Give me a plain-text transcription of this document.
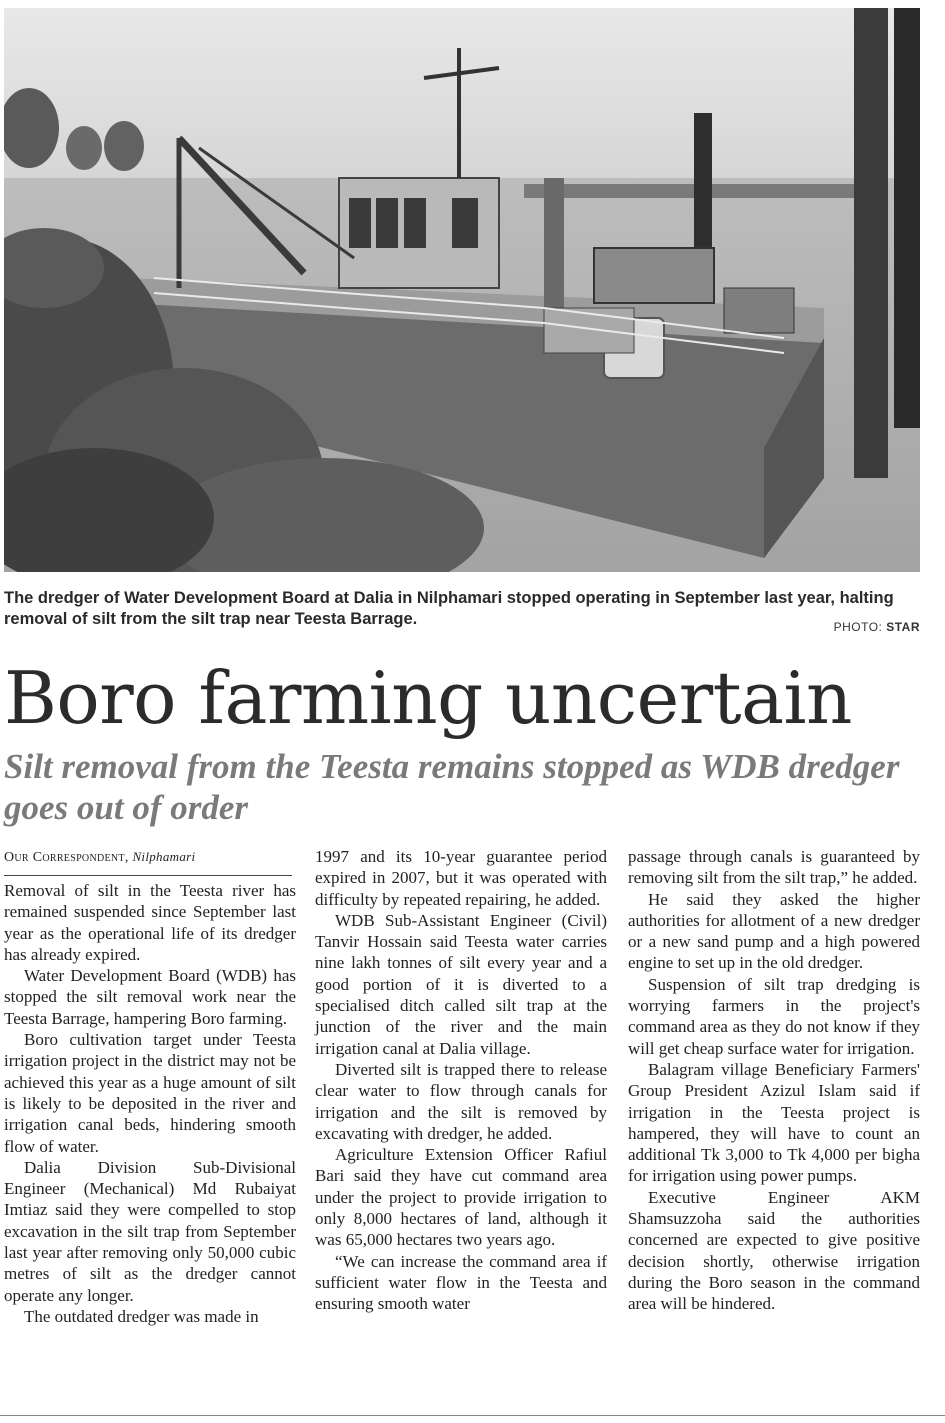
The dredger of Water Development Board at Dalia in Nilphamari stopped operating in September last year, halting removal of silt from the silt trap near Teesta Barrage.	PHOTO: STAR
Boro farming uncertain
Silt removal from the Teesta remains stopped as WDB dredger goes out of order
Our Correspondent, Nilphamari

Removal of silt in the Teesta river has remained suspended since September last year as the operational life of its dredger has already expired.

Water Development Board (WDB) has stopped the silt removal work near the Teesta Barrage, hampering Boro farming.

Boro cultivation target under Teesta irrigation project in the district may not be achieved this year as a huge amount of silt is likely to be deposited in the river and irrigation canal beds, hindering smooth flow of water.

Dalia Division Sub-Divisional Engineer (Mechanical) Md Rubaiyat Imtiaz said they were compelled to stop excavation in the silt trap from September last year after removing only 50,000 cubic metres of silt as the dredger cannot operate any longer.

The outdated dredger was made in

1997 and its 10-year guarantee period expired in 2007, but it was operated with difficulty by repeated repairing, he added.

WDB Sub-Assistant Engineer (Civil) Tanvir Hossain said Teesta water carries nine lakh tonnes of silt every year and a good portion of it is diverted to a specialised ditch called silt trap at the junction of the river and the main irrigation canal at Dalia village.

Diverted silt is trapped there to release clear water to flow through canals for irrigation and the silt is removed by excavating with dredger, he added.

Agriculture Extension Officer Rafiul Bari said they have cut command area under the project to provide irrigation to only 8,000 hectares of land, although it was 65,000 hectares two years ago.

“We can increase the command area if sufficient water flow in the Teesta and ensuring smooth water

passage through canals is guaranteed by removing silt from the silt trap,” he added.

He said they asked the higher authorities for allotment of a new dredger or a new sand pump and a high powered engine to set up in the old dredger.

Suspension of silt trap dredging is worrying farmers in the project's command area as they do not know if they will get cheap surface water for irrigation.

Balagram village Beneficiary Farmers' Group President Azizul Islam said if irrigation in the Teesta project is hampered, they will have to count an additional Tk 3,000 to Tk 4,000 per bigha for irrigation using power pumps.

Executive Engineer AKM Shamsuzzoha said the authorities concerned are expected to give positive decision shortly, otherwise irrigation during the Boro season in the command area will be hindered.
